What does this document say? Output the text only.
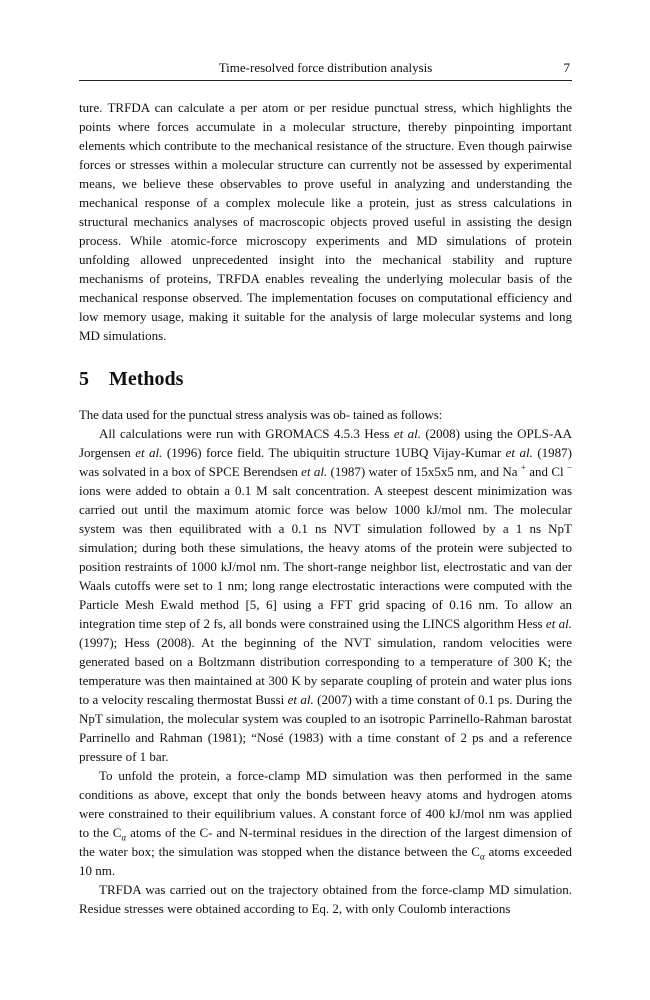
Time-resolved force distribution analysis	7

ture. TRFDA can calculate a per atom or per residue punctual stress, which highlights the points where forces accumulate in a molecular structure, thereby pinpointing important elements which contribute to the mechanical resistance of the structure. Even though pairwise forces or stresses within a molecular structure can currently not be assessed by experimental means, we believe these observables to prove useful in analyzing and understanding the mechanical response of a complex molecule like a protein, just as stress calculations in structural mechanics analyses of macroscopic objects proved useful in assisting the design process. While atomic-force microscopy experiments and MD simulations of protein unfolding allowed unprecedented insight into the mechanical stability and rupture mechanisms of proteins, TRFDA enables revealing the underlying molecular basis of the mechanical response observed. The implementation focuses on computational efficiency and low memory usage, making it suitable for the analysis of large molecular systems and long MD simulations.

5 Methods

The data used for the punctual stress analysis was ob- tained as follows:

All calculations were run with GROMACS 4.5.3 Hess et al. (2008) using the OPLS-AA Jorgensen et al. (1996) force field. The ubiquitin structure 1UBQ Vijay-Kumar et al. (1987) was solvated in a box of SPCE Berendsen et al. (1987) water of 15x5x5 nm, and Na + and Cl − ions were added to obtain a 0.1 M salt concentration. A steepest descent minimization was carried out until the maximum atomic force was below 1000 kJ/mol nm. The molecular system was then equilibrated with a 0.1 ns NVT simulation followed by a 1 ns NpT simulation; during both these simulations, the heavy atoms of the protein were subjected to position restraints of 1000 kJ/mol nm. The short-range neighbor list, electrostatic and van der Waals cutoffs were set to 1 nm; long range electrostatic interactions were computed with the Particle Mesh Ewald method [5, 6] using a FFT grid spacing of 0.16 nm. To allow an integration time step of 2 fs, all bonds were constrained using the LINCS algorithm Hess et al. (1997); Hess (2008). At the beginning of the NVT simulation, random velocities were generated based on a Boltzmann distribution corresponding to a temperature of 300 K; the temperature was then maintained at 300 K by separate coupling of protein and water plus ions to a velocity rescaling thermostat Bussi et al. (2007) with a time constant of 0.1 ps. During the NpT simulation, the molecular system was coupled to an isotropic Parrinello-Rahman barostat Parrinello and Rahman (1981); “Nosé (1983) with a time constant of 2 ps and a reference pressure of 1 bar.

To unfold the protein, a force-clamp MD simulation was then performed in the same conditions as above, except that only the bonds between heavy atoms and hydrogen atoms were constrained to their equilibrium values. A constant force of 400 kJ/mol nm was applied to the $C_\alpha$ atoms of the C- and N-terminal residues in the direction of the largest dimension of the water box; the simulation was stopped when the distance between the $C_\alpha$ atoms exceeded 10 nm.

TRFDA was carried out on the trajectory obtained from the force-clamp MD simulation. Residue stresses were obtained according to Eq. 2, with only Coulomb interactions
